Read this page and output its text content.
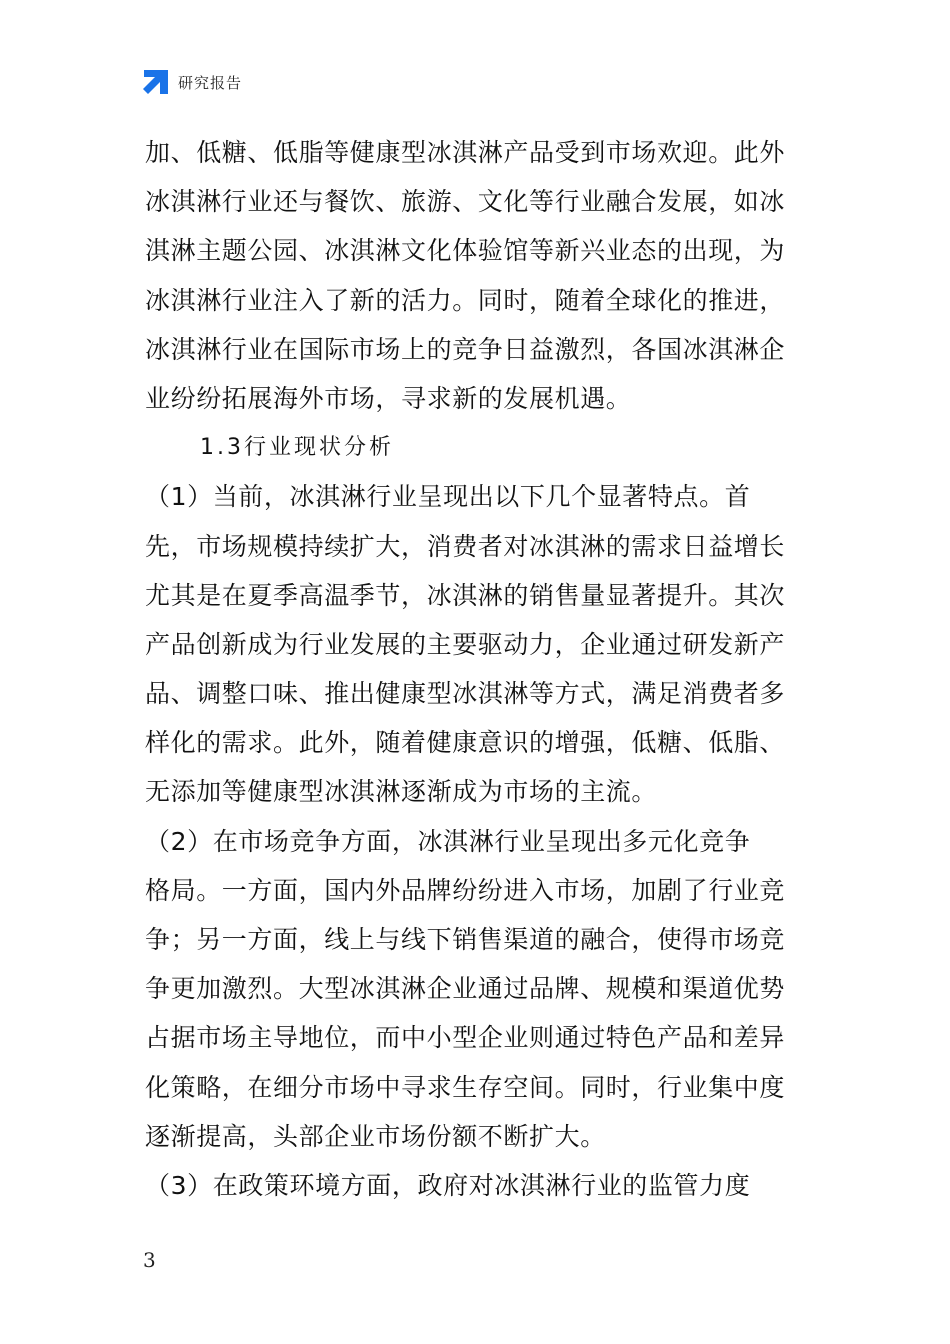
研究报告
加、低糖、低脂等健康型冰淇淋产品受到市场欢迎。此外
冰淇淋行业还与餐饮、旅游、文化等行业融合发展，如冰
淇淋主题公园、冰淇淋文化体验馆等新兴业态的出现，为
冰淇淋行业注入了新的活力。同时，随着全球化的推进，
冰淇淋行业在国际市场上的竞争日益激烈，各国冰淇淋企
业纷纷拓展海外市场，寻求新的发展机遇。
1.3行业现状分析
（1）当前，冰淇淋行业呈现出以下几个显著特点。首
先，市场规模持续扩大，消费者对冰淇淋的需求日益增长
尤其是在夏季高温季节，冰淇淋的销售量显著提升。其次
产品创新成为行业发展的主要驱动力，企业通过研发新产
品、调整口味、推出健康型冰淇淋等方式，满足消费者多
样化的需求。此外，随着健康意识的增强，低糖、低脂、
无添加等健康型冰淇淋逐渐成为市场的主流。
（2）在市场竞争方面，冰淇淋行业呈现出多元化竞争
格局。一方面，国内外品牌纷纷进入市场，加剧了行业竞
争；另一方面，线上与线下销售渠道的融合，使得市场竞
争更加激烈。大型冰淇淋企业通过品牌、规模和渠道优势
占据市场主导地位，而中小型企业则通过特色产品和差异
化策略，在细分市场中寻求生存空间。同时，行业集中度
逐渐提高，头部企业市场份额不断扩大。
（3）在政策环境方面，政府对冰淇淋行业的监管力度
3
